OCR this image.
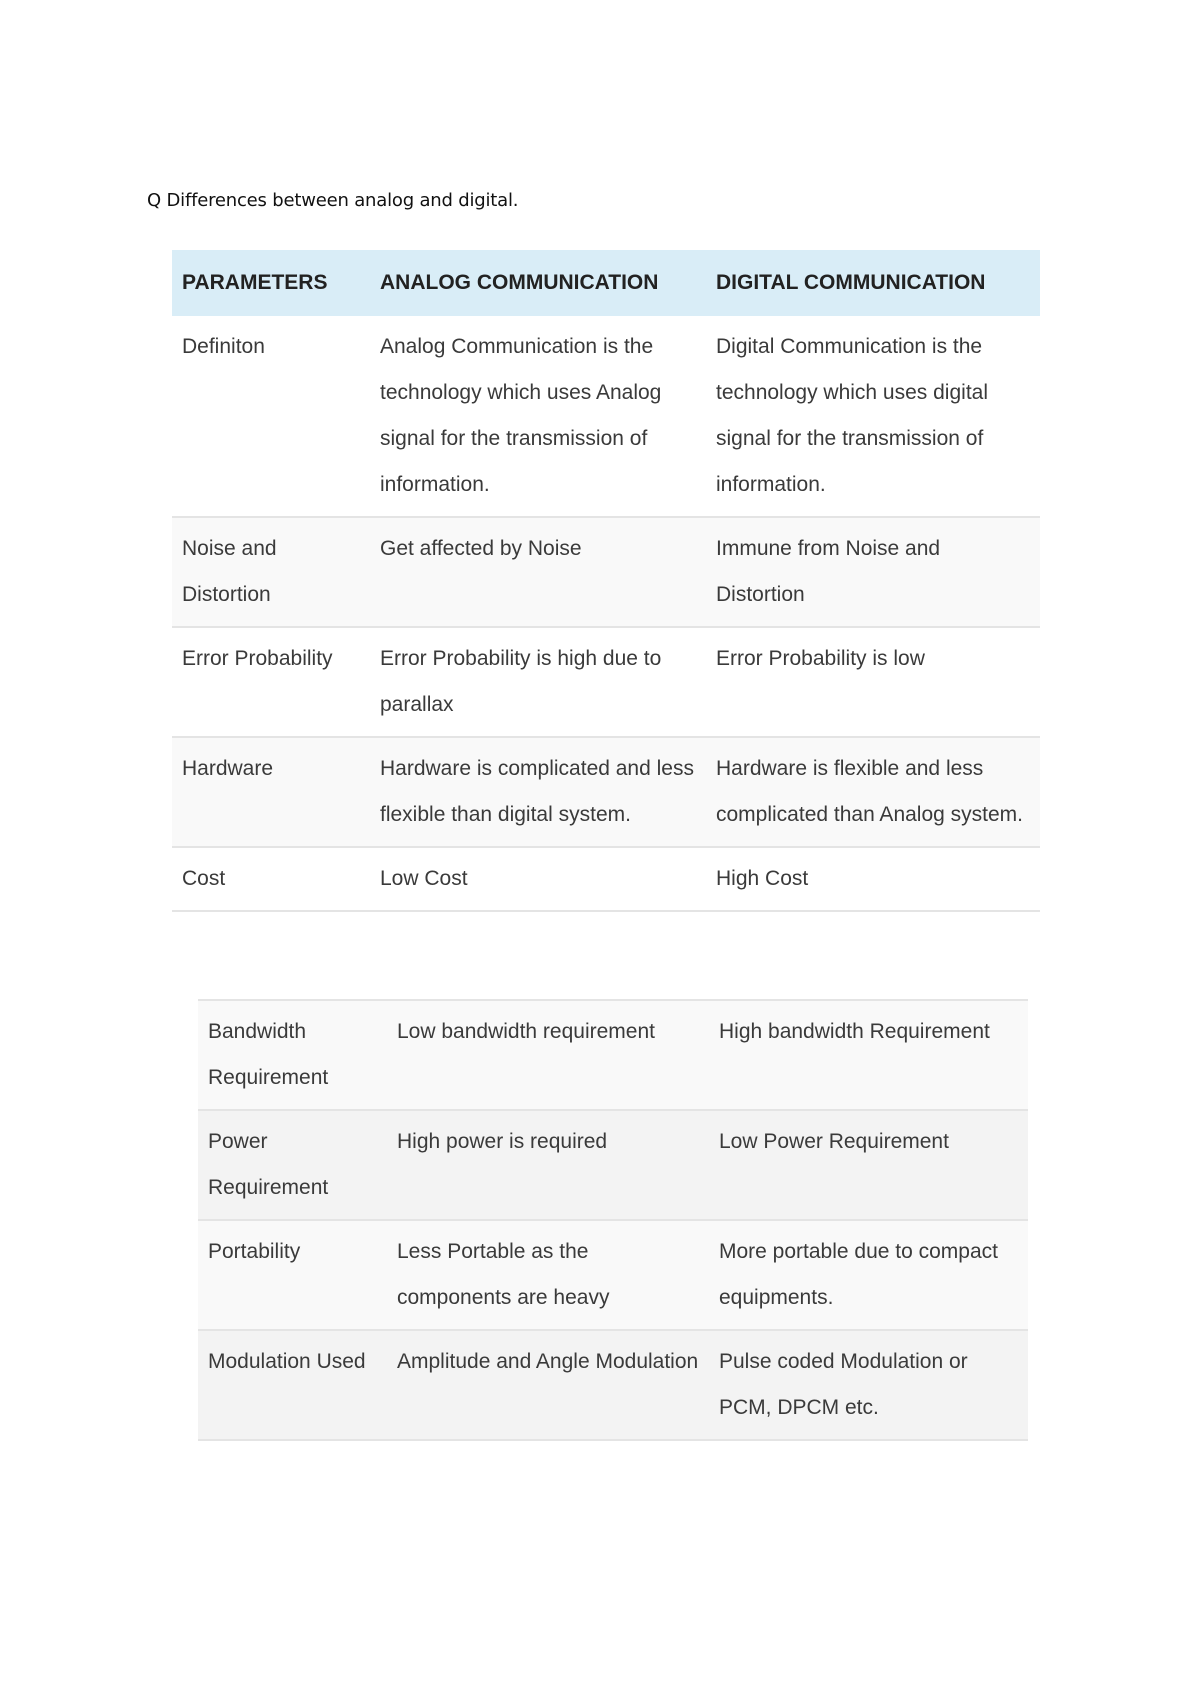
Q Differences between analog and digital.

PARAMETERS	ANALOG COMMUNICATION	DIGITAL COMMUNICATION
Definiton	Analog Communication is the technology which uses Analog signal for the transmission of information.	Digital Communication is the technology which uses digital signal for the transmission of information.
Noise and Distortion	Get affected by Noise	Immune from Noise and Distortion
Error Probability	Error Probability is high due to parallax	Error Probability is low
Hardware	Hardware is complicated and less flexible than digital system.	Hardware is flexible and less complicated than Analog system.
Cost	Low Cost	High Cost
Bandwidth Requirement	Low bandwidth requirement	High bandwidth Requirement
Power Requirement	High power is required	Low Power Requirement
Portability	Less Portable as the components are heavy	More portable due to compact equipments.
Modulation Used	Amplitude and Angle Modulation	Pulse coded Modulation or PCM, DPCM etc.
